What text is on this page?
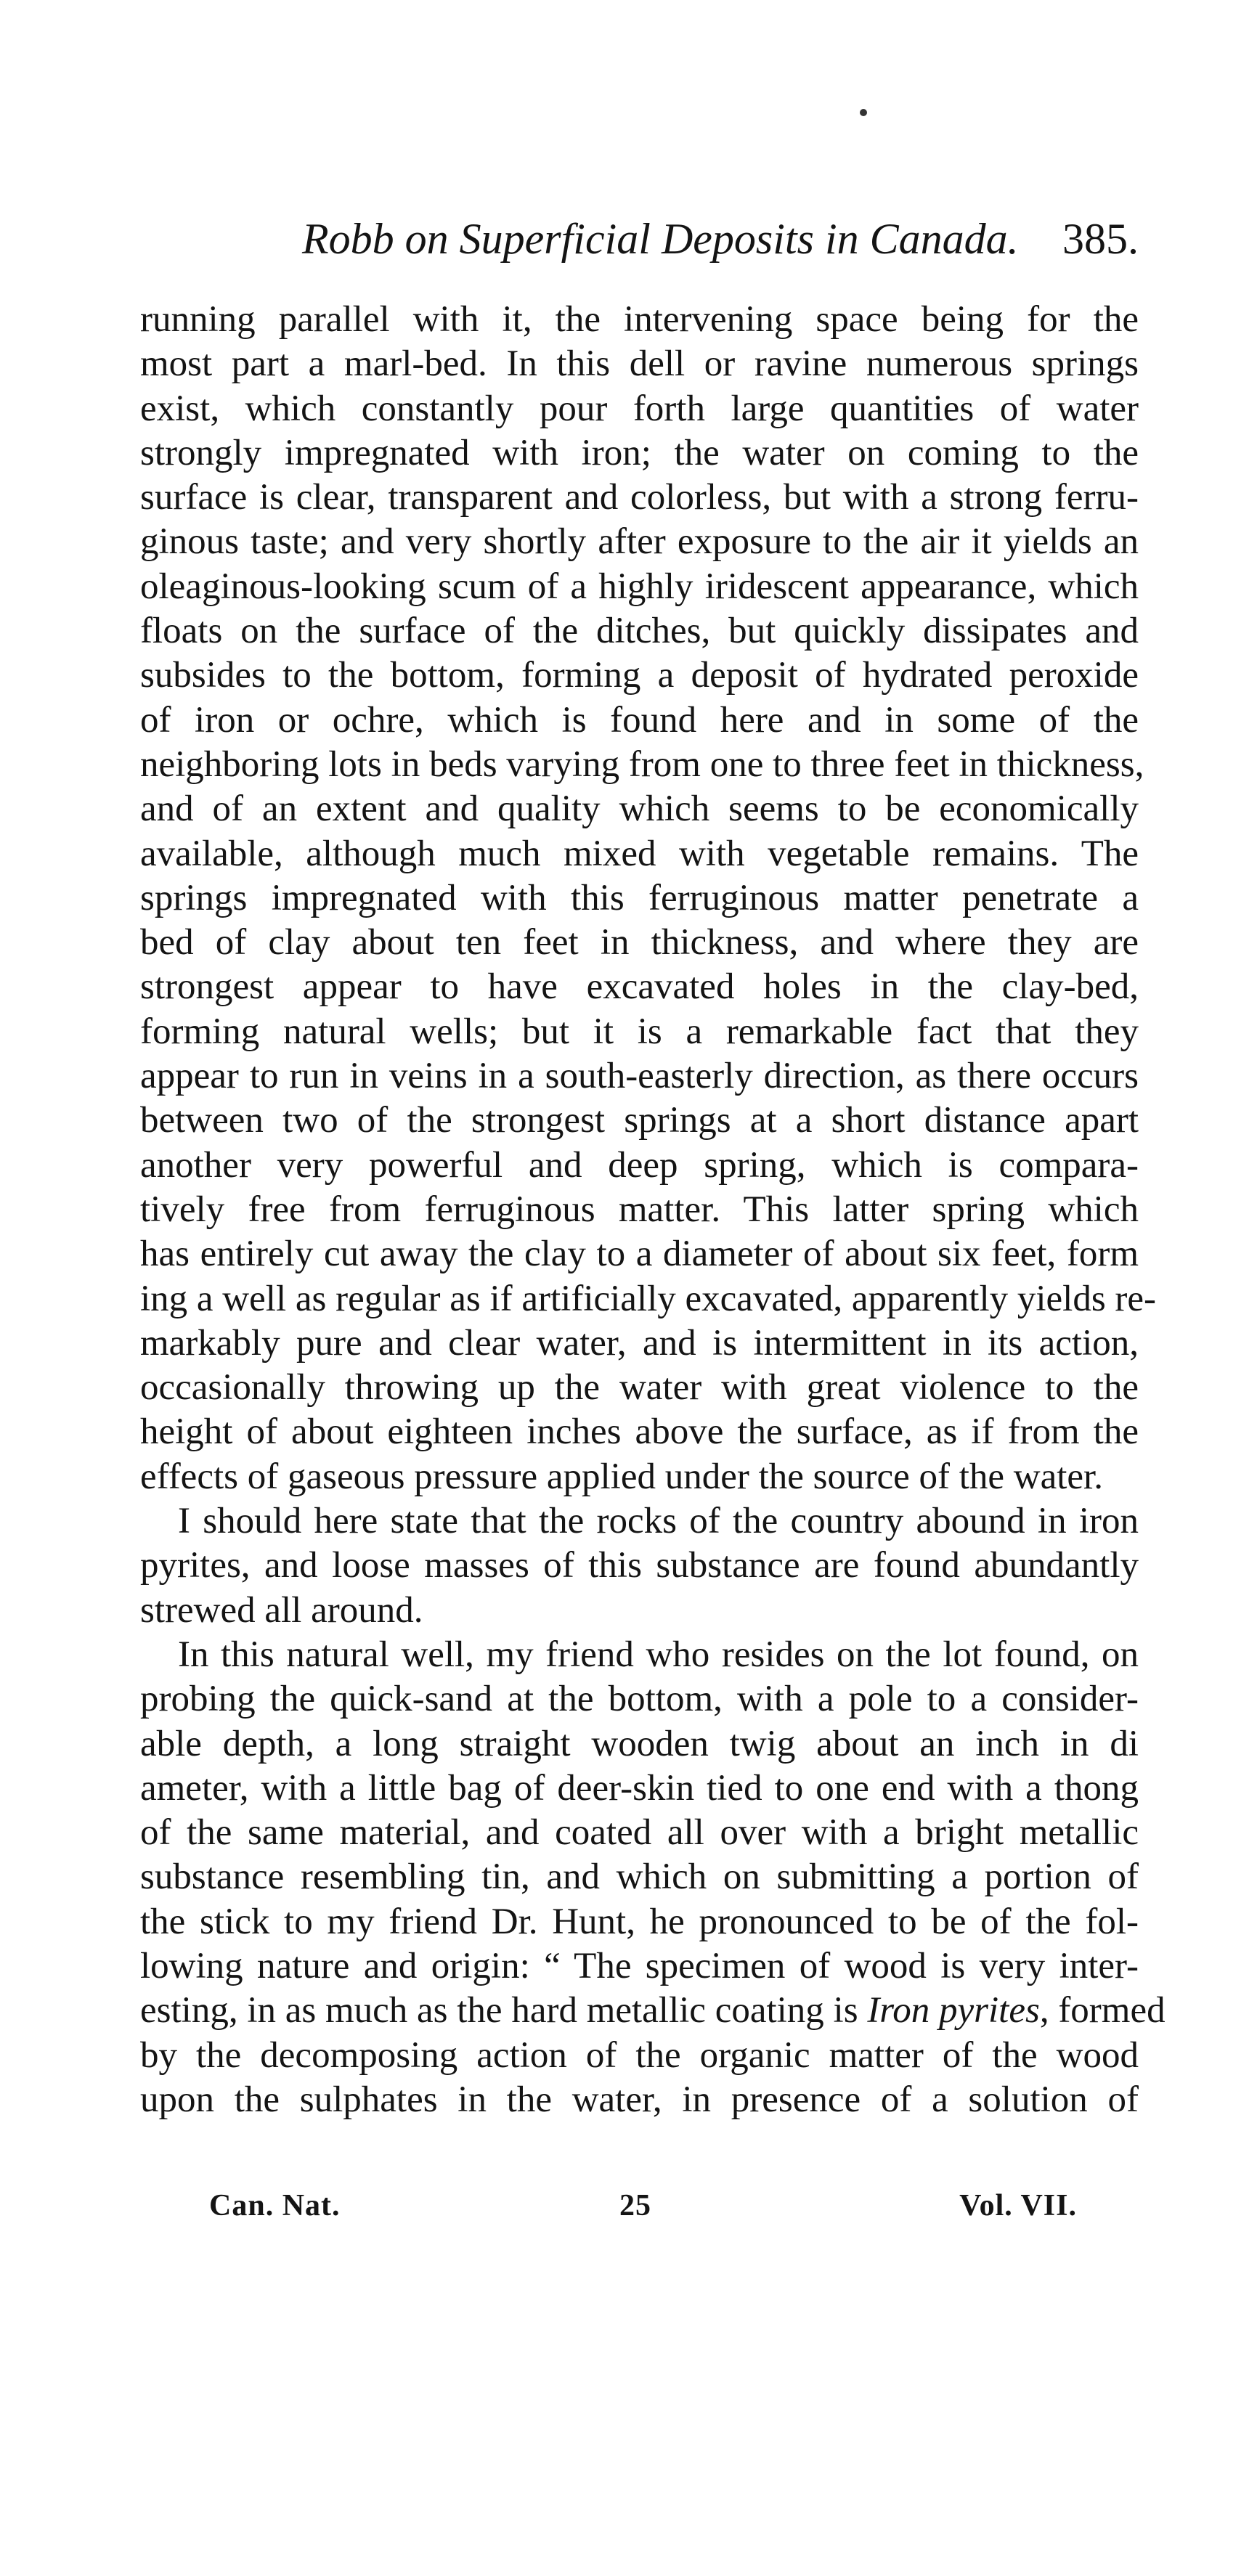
Robb on Superficial Deposits in Canada. 385.
running parallel with it, the intervening space being for the
most part a marl-bed. In this dell or ravine numerous springs
exist, which constantly pour forth large quantities of water
strongly impregnated with iron; the water on coming to the
surface is clear, transparent and colorless, but with a strong ferru-
ginous taste; and very shortly after exposure to the air it yields an
oleaginous-looking scum of a highly iridescent appearance, which
floats on the surface of the ditches, but quickly dissipates and
subsides to the bottom, forming a deposit of hydrated peroxide
of iron or ochre, which is found here and in some of the
neighboring lots in beds varying from one to three feet in thickness,
and of an extent and quality which seems to be economically
available, although much mixed with vegetable remains. The
springs impregnated with this ferruginous matter penetrate a
bed of clay about ten feet in thickness, and where they are
strongest appear to have excavated holes in the clay-bed,
forming natural wells; but it is a remarkable fact that they
appear to run in veins in a south-easterly direction, as there occurs
between two of the strongest springs at a short distance apart
another very powerful and deep spring, which is compara-
tively free from ferruginous matter. This latter spring which
has entirely cut away the clay to a diameter of about six feet, form
ing a well as regular as if artificially excavated, apparently yields re-
markably pure and clear water, and is intermittent in its action,
occasionally throwing up the water with great violence to the
height of about eighteen inches above the surface, as if from the
effects of gaseous pressure applied under the source of the water.
I should here state that the rocks of the country abound in iron
pyrites, and loose masses of this substance are found abundantly
strewed all around.
In this natural well, my friend who resides on the lot found, on
probing the quick-sand at the bottom, with a pole to a consider-
able depth, a long straight wooden twig about an inch in di
ameter, with a little bag of deer-skin tied to one end with a thong
of the same material, and coated all over with a bright metallic
substance resembling tin, and which on submitting a portion of
the stick to my friend Dr. Hunt, he pronounced to be of the fol-
lowing nature and origin: “ The specimen of wood is very inter-
esting, in as much as the hard metallic coating is Iron pyrites, formed
by the decomposing action of the organic matter of the wood
upon the sulphates in the water, in presence of a solution of
Can. Nat.	25	Vol. VII.
